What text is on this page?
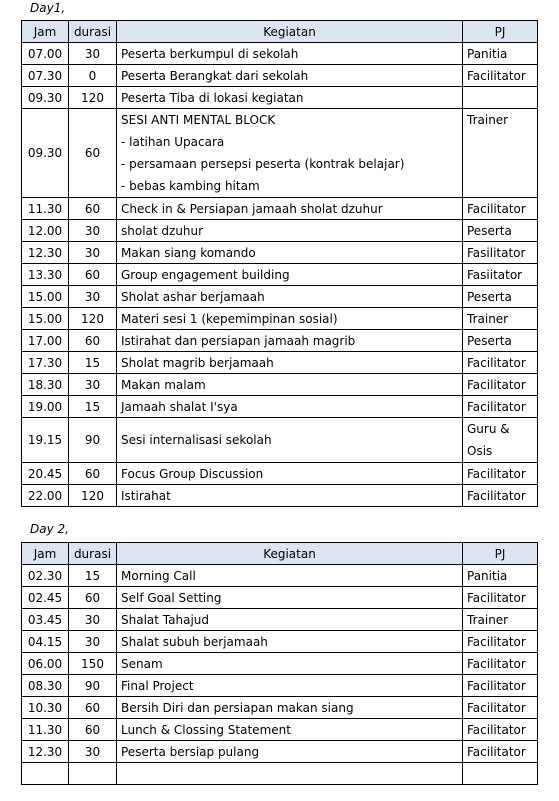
Day1,
Jam	durasi	Kegiatan	PJ
07.00	30	Peserta berkumpul di sekolah	Panitia

07.30	0	Peserta Berangkat dari sekolah	Facilitator

09.30	120	Peserta Tiba di lokasi kegiatan	

09.30	60	SESI ANTI MENTAL BLOCK
- latihan Upacara
- persamaan persepsi peserta (kontrak belajar)
- bebas kambing hitam	Trainer

11.30	60	Check in & Persiapan jamaah sholat dzuhur	Facilitator

12.00	30	sholat dzuhur	Peserta

12.30	30	Makan siang komando	Fasilitator

13.30	60	Group engagement building	Fasiitator

15.00	30	Sholat ashar berjamaah	Peserta

15.00	120	Materi sesi 1 (kepemimpinan sosial)	Trainer

17.00	60	Istirahat dan persiapan jamaah magrib	Peserta

17.30	15	Sholat magrib berjamaah	Facilitator

18.30	30	Makan malam	Facilitator

19.00	15	Jamaah shalat I'sya	Facilitator

19.15	90	Sesi internalisasi sekolah	Guru &
Osis

20.45	60	Focus Group Discussion	Facilitator

22.00	120	Istirahat	Facilitator
Day 2,
Jam	durasi	Kegiatan	PJ
02.30	15	Morning Call	Panitia

02.45	60	Self Goal Setting	Facilitator

03.45	30	Shalat Tahajud	Trainer

04.15	30	Shalat subuh berjamaah	Facilitator

06.00	150	Senam	Facilitator

08.30	90	Final Project	Facilitator

10.30	60	Bersih Diri dan persiapan makan siang	Facilitator

11.30	60	Lunch & Clossing Statement	Facilitator

12.30	30	Peserta bersiap pulang	Facilitator
